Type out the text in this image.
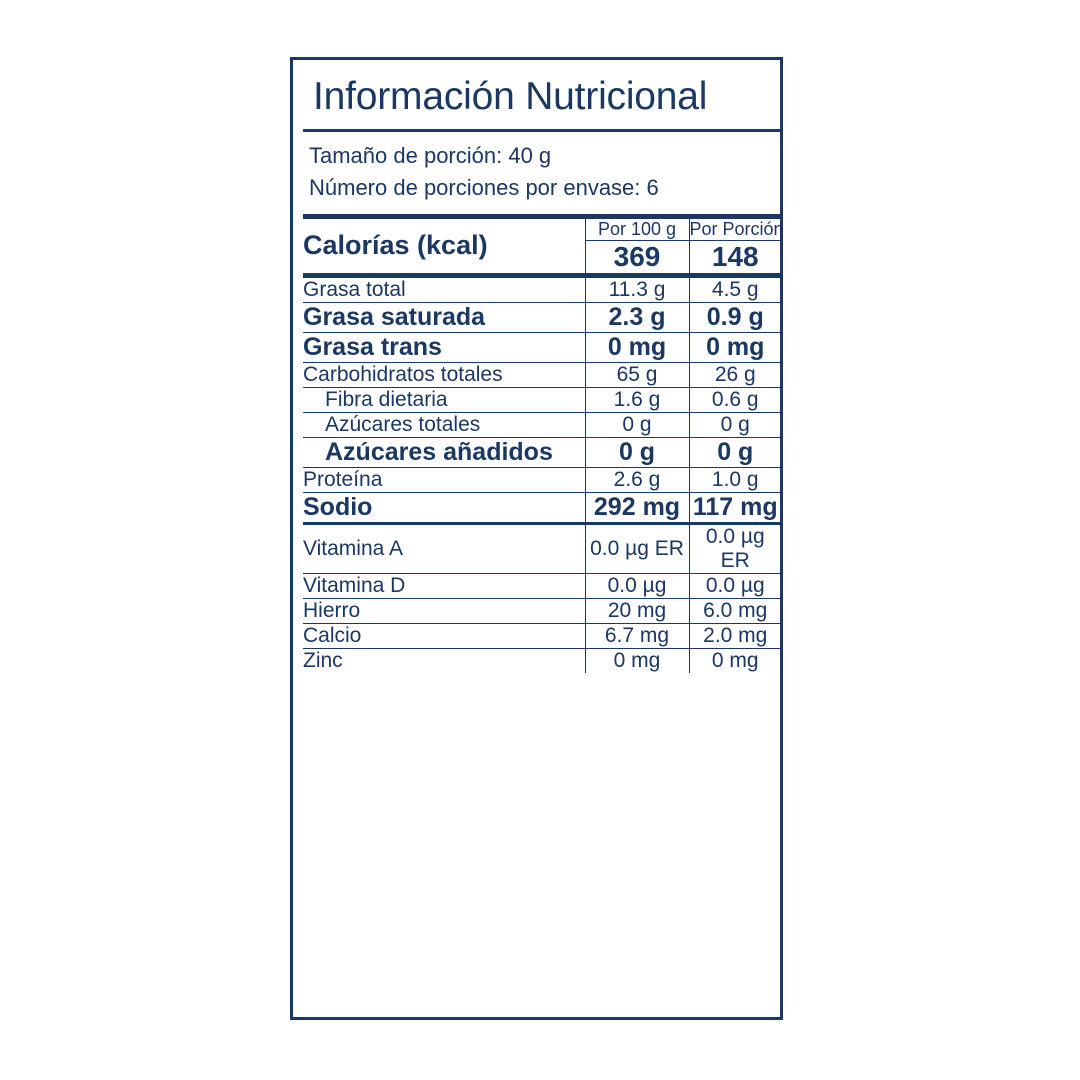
Información Nutricional
Tamaño de porción: 40 g
Número de porciones por envase: 6
Calorías (kcal)	Por 100 g	Por Porción
	369	148
Grasa total	11.3 g	4.5 g
Grasa saturada	2.3 g	0.9 g
Grasa trans	0 mg	0 mg
Carbohidratos totales	65 g	26 g
Fibra dietaria	1.6 g	0.6 g
Azúcares totales	0 g	0 g
Azúcares añadidos	0 g	0 g
Proteína	2.6 g	1.0 g
Sodio	292 mg	117 mg
Vitamina A	0.0 µg ER	0.0 µg ER
Vitamina D	0.0 µg	0.0 µg
Hierro	20 mg	6.0 mg
Calcio	6.7 mg	2.0 mg
Zinc	0 mg	0 mg
